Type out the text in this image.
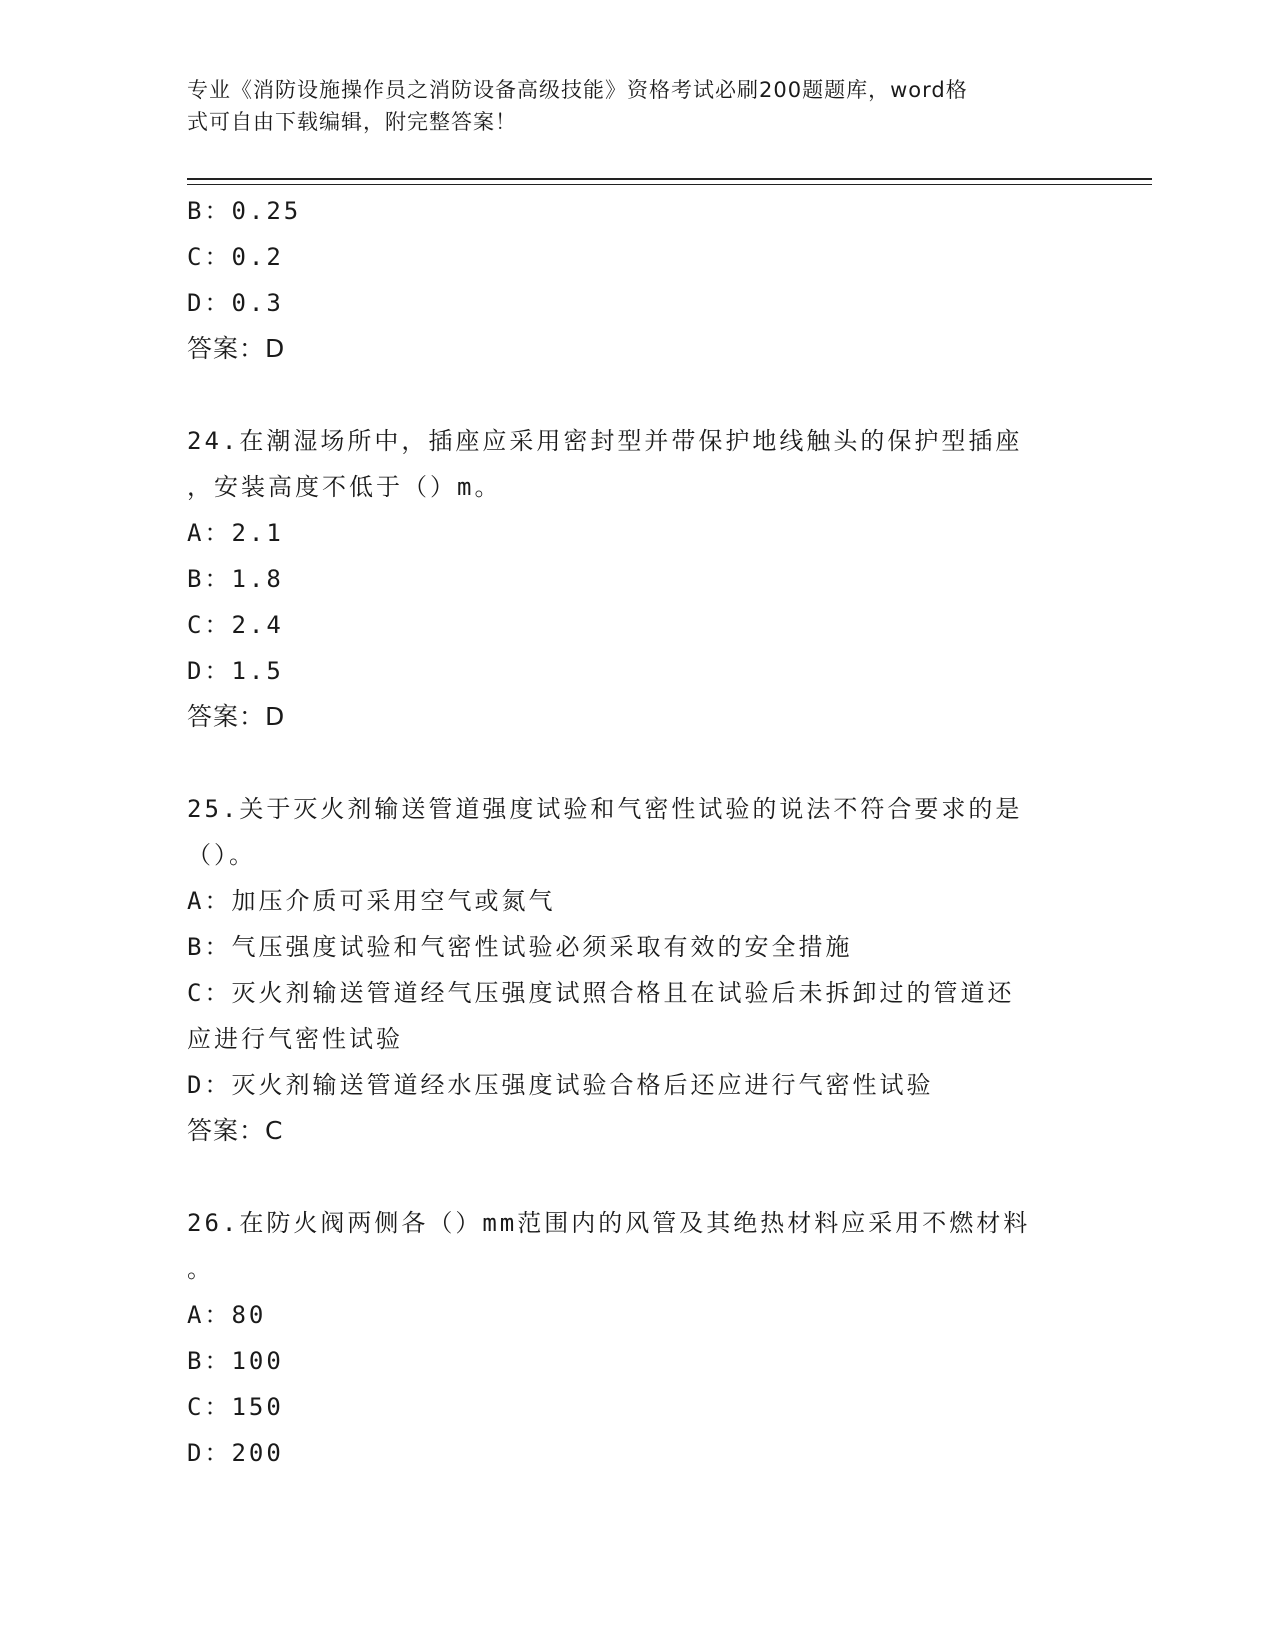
专业《消防设施操作员之消防设备高级技能》资格考试必刷200题题库，word格
式可自由下载编辑，附完整答案！
B：0.25
C：0.2
D：0.3
答案：D
24.在潮湿场所中，插座应采用密封型并带保护地线触头的保护型插座
，安装高度不低于（）m。
A：2.1
B：1.8
C：2.4
D：1.5
答案：D
25.关于灭火剂输送管道强度试验和气密性试验的说法不符合要求的是
（）。
A：加压介质可采用空气或氮气
B：气压强度试验和气密性试验必须采取有效的安全措施
C：灭火剂输送管道经气压强度试照合格且在试验后未拆卸过的管道还
应进行气密性试验
D：灭火剂输送管道经水压强度试验合格后还应进行气密性试验
答案：C
26.在防火阀两侧各（）mm范围内的风管及其绝热材料应采用不燃材料
。
A：80
B：100
C：150
D：200
